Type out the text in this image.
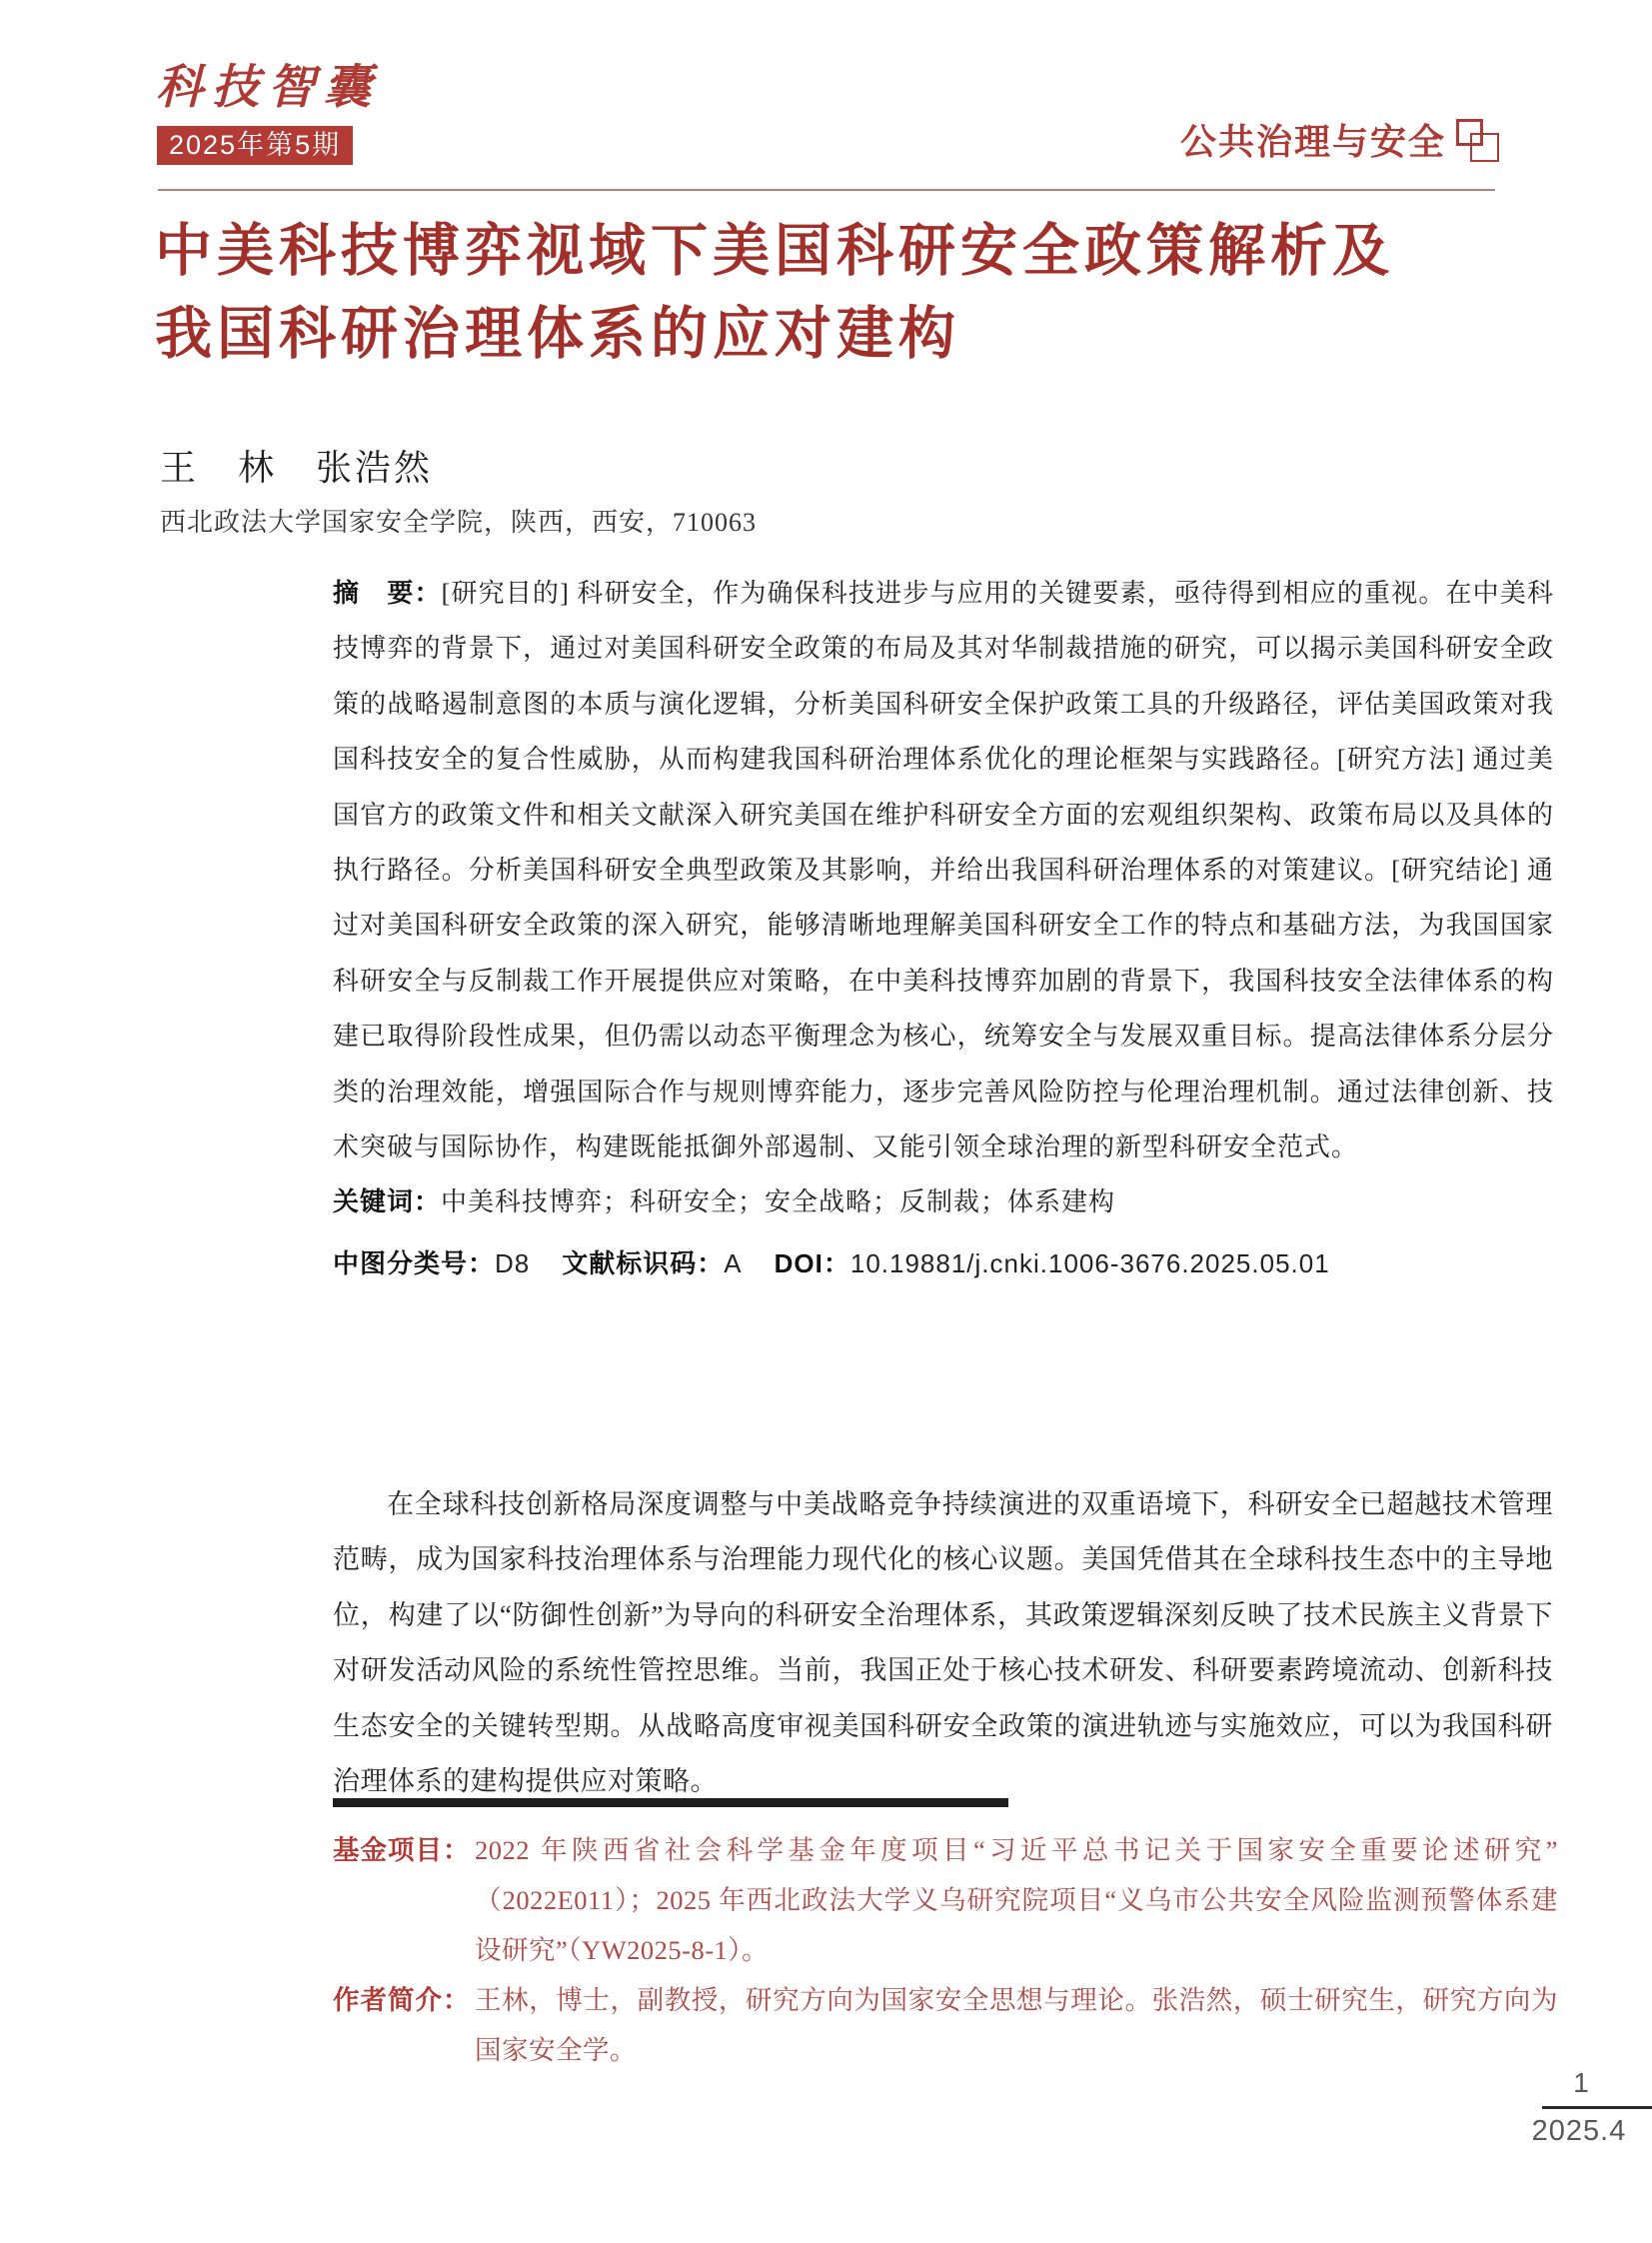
科技智囊
2025年第5期	公共治理与安全
中美科技博弈视域下美国科研安全政策解析及
我国科研治理体系的应对建构
王　林　张浩然
西北政法大学国家安全学院，陕西，西安，710063

摘　要：[研究目的] 科研安全，作为确保科技进步与应用的关键要素，亟待得到相应的重视。在中美科技博弈的背景下，通过对美国科研安全政策的布局及其对华制裁措施的研究，可以揭示美国科研安全政策的战略遏制意图的本质与演化逻辑，分析美国科研安全保护政策工具的升级路径，评估美国政策对我国科技安全的复合性威胁，从而构建我国科研治理体系优化的理论框架与实践路径。[研究方法] 通过美国官方的政策文件和相关文献深入研究美国在维护科研安全方面的宏观组织架构、政策布局以及具体的执行路径。分析美国科研安全典型政策及其影响，并给出我国科研治理体系的对策建议。[研究结论] 通过对美国科研安全政策的深入研究，能够清晰地理解美国科研安全工作的特点和基础方法，为我国国家科研安全与反制裁工作开展提供应对策略，在中美科技博弈加剧的背景下，我国科技安全法律体系的构建已取得阶段性成果，但仍需以动态平衡理念为核心，统筹安全与发展双重目标。提高法律体系分层分类的治理效能，增强国际合作与规则博弈能力，逐步完善风险防控与伦理治理机制。通过法律创新、技术突破与国际协作，构建既能抵御外部遏制、又能引领全球治理的新型科研安全范式。

关键词：中美科技博弈；科研安全；安全战略；反制裁；体系建构

中图分类号：D8 文献标识码：A DOI：10.19881/j.cnki.1006-3676.2025.05.01

在全球科技创新格局深度调整与中美战略竞争持续演进的双重语境下，科研安全已超越技术管理范畴，成为国家科技治理体系与治理能力现代化的核心议题。美国凭借其在全球科技生态中的主导地位，构建了以“防御性创新”为导向的科研安全治理体系，其政策逻辑深刻反映了技术民族主义背景下对研发活动风险的系统性管控思维。当前，我国正处于核心技术研发、科研要素跨境流动、创新科技生态安全的关键转型期。从战略高度审视美国科研安全政策的演进轨迹与实施效应，可以为我国科研治理体系的建构提供应对策略。

基金项目： 2022 年陕西省社会科学基金年度项目“习近平总书记关于国家安全重要论述研究”（2022E011）；2025 年西北政法大学义乌研究院项目“义乌市公共安全风险监测预警体系建设研究”（YW2025-8-1）。

作者简介： 王林，博士，副教授，研究方向为国家安全思想与理论。张浩然，硕士研究生，研究方向为国家安全学。

1
2025.4
